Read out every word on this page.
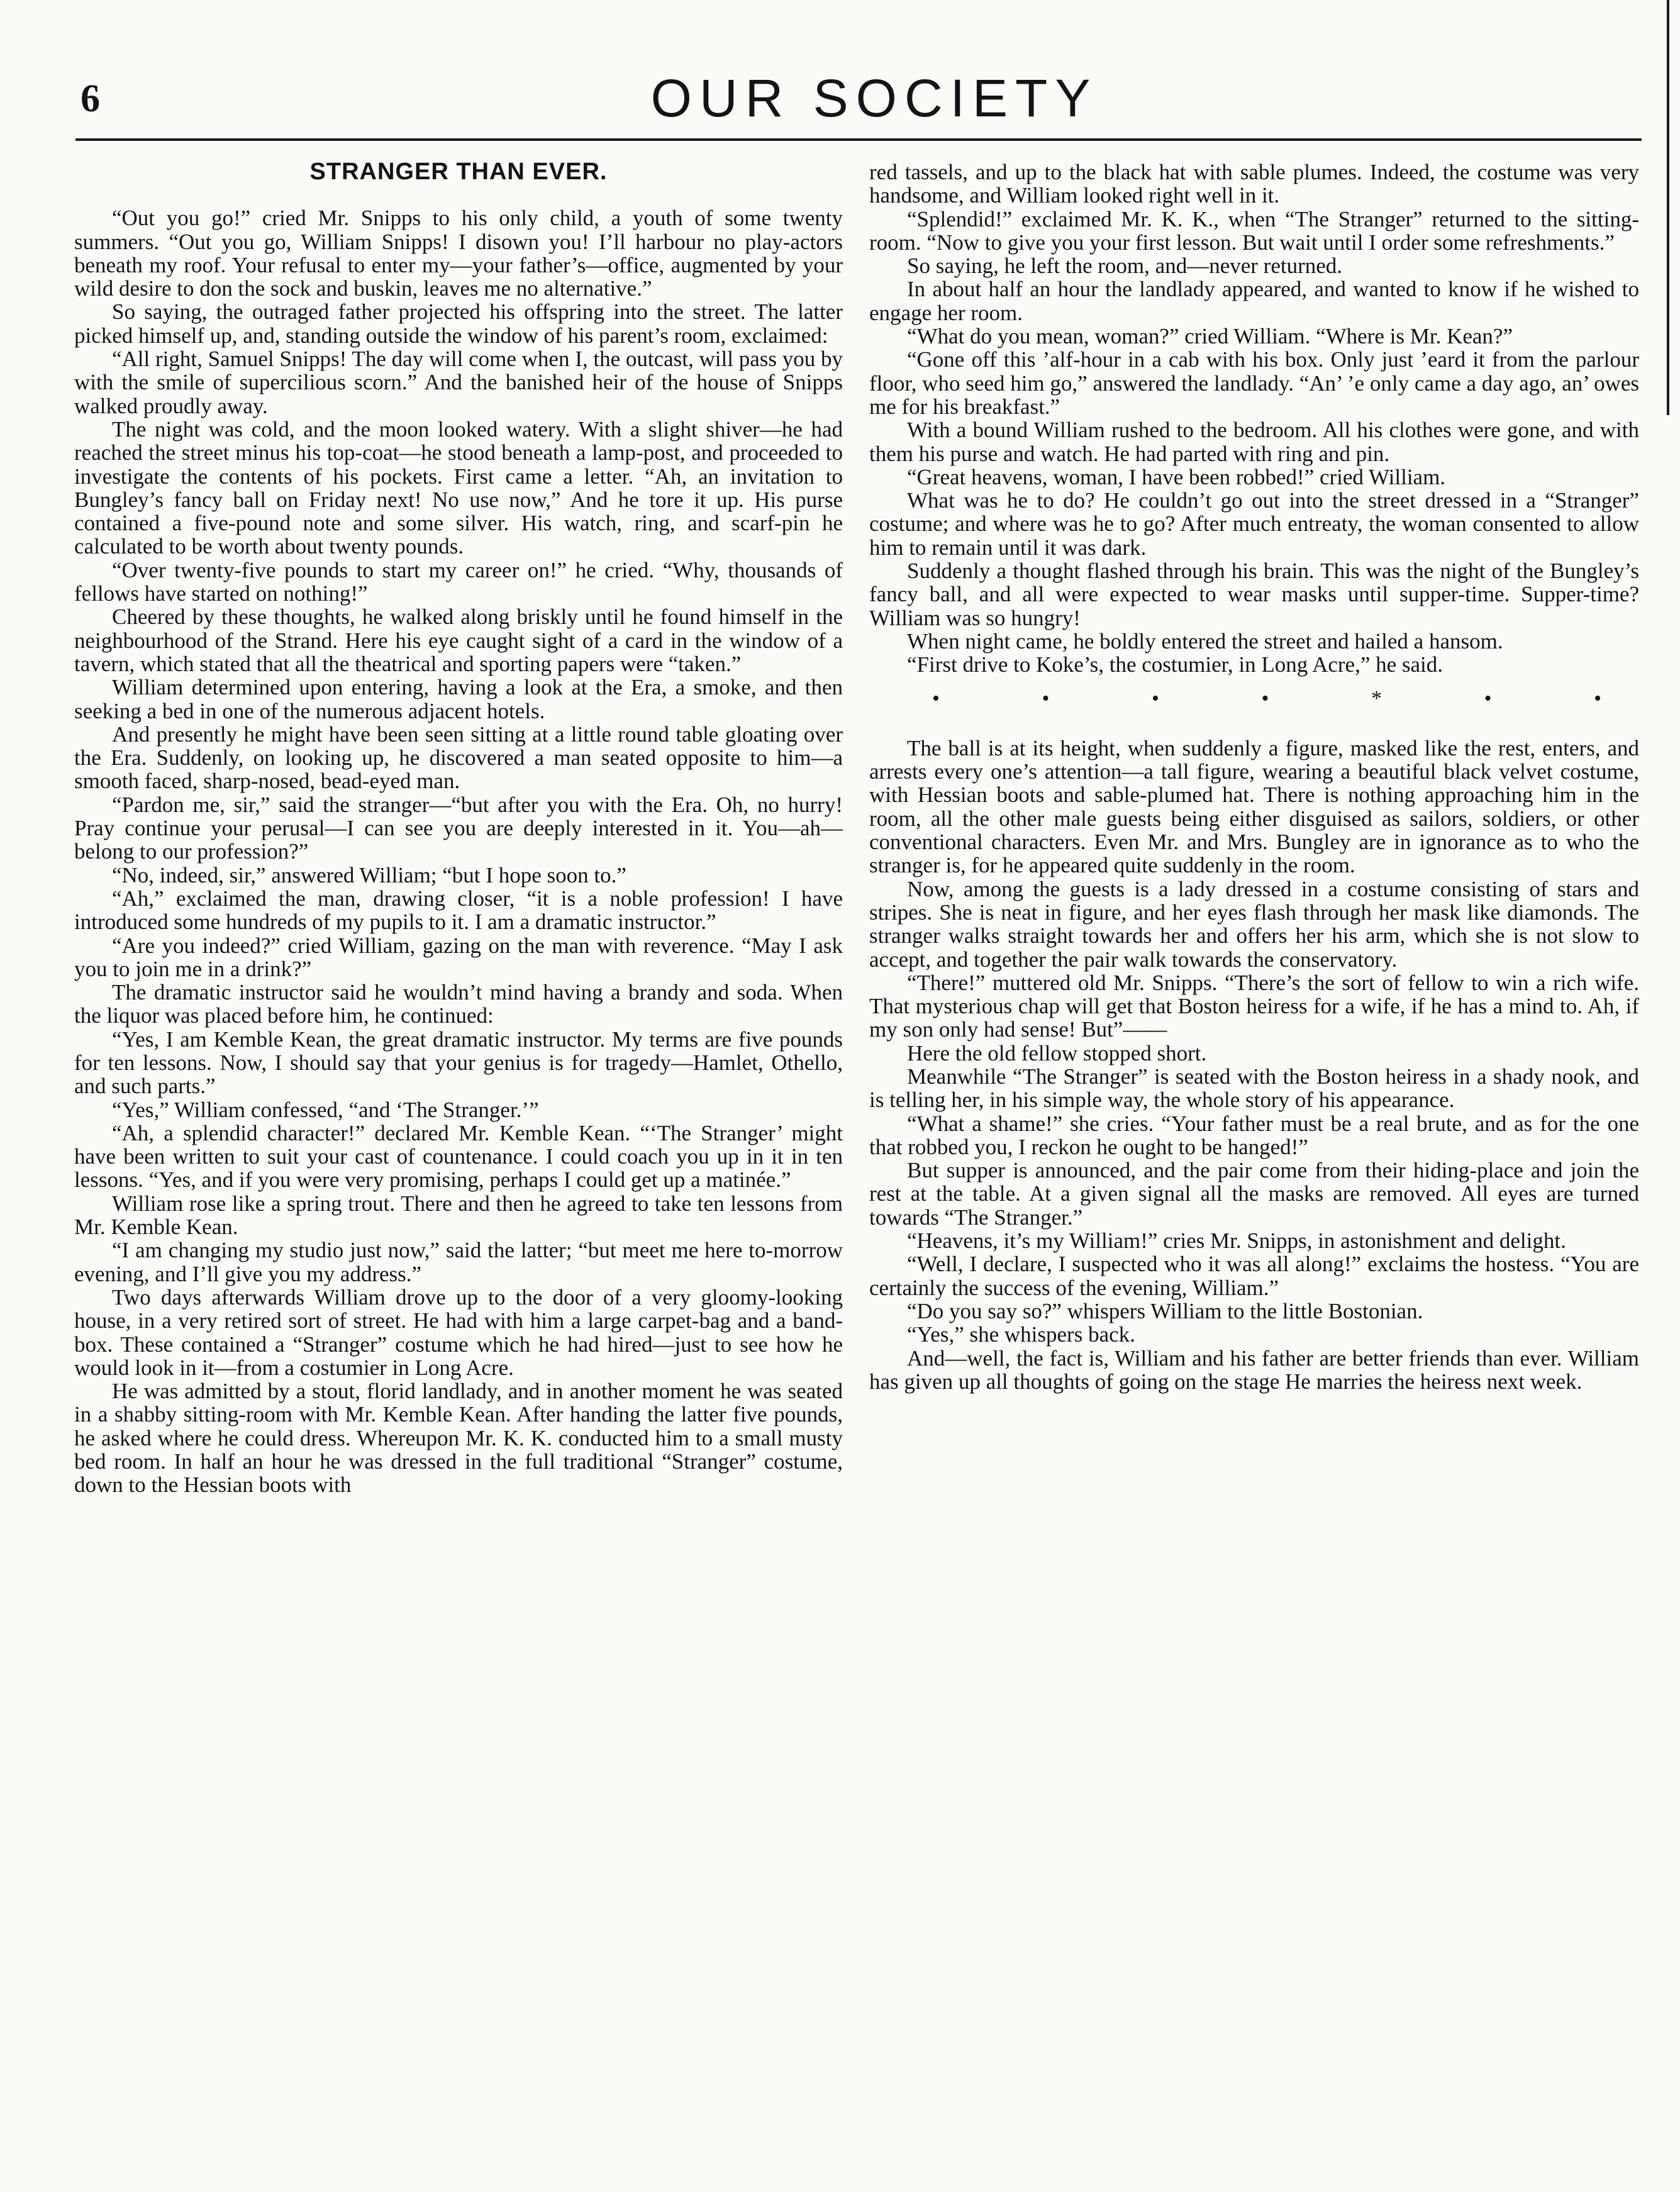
6	OUR SOCIETY
STRANGER THAN EVER.

“Out you go!” cried Mr. Snipps to his only child, a youth of some twenty summers. “Out you go, William Snipps! I disown you! I’ll harbour no play-actors beneath my roof. Your refusal to enter my—your father’s—office, augmented by your wild desire to don the sock and buskin, leaves me no alternative.”

So saying, the outraged father projected his offspring into the street. The latter picked himself up, and, standing outside the window of his parent’s room, exclaimed:

“All right, Samuel Snipps! The day will come when I, the outcast, will pass you by with the smile of supercilious scorn.” And the banished heir of the house of Snipps walked proudly away.

The night was cold, and the moon looked watery. With a slight shiver—he had reached the street minus his top-coat—he stood beneath a lamp-post, and proceeded to investigate the contents of his pockets. First came a letter. “Ah, an invitation to Bungley’s fancy ball on Friday next! No use now,” And he tore it up. His purse contained a five-pound note and some silver. His watch, ring, and scarf-pin he calculated to be worth about twenty pounds.

“Over twenty-five pounds to start my career on!” he cried. “Why, thousands of fellows have started on nothing!”

Cheered by these thoughts, he walked along briskly until he found himself in the neighbourhood of the Strand. Here his eye caught sight of a card in the window of a tavern, which stated that all the theatrical and sporting papers were “taken.”

William determined upon entering, having a look at the Era, a smoke, and then seeking a bed in one of the numerous adjacent hotels.

And presently he might have been seen sitting at a little round table gloating over the Era. Suddenly, on looking up, he discovered a man seated opposite to him—a smooth faced, sharp-nosed, bead-eyed man.

“Pardon me, sir,” said the stranger—“but after you with the Era. Oh, no hurry! Pray continue your perusal—I can see you are deeply interested in it. You—ah—belong to our profession?”

“No, indeed, sir,” answered William; “but I hope soon to.”

“Ah,” exclaimed the man, drawing closer, “it is a noble profession! I have introduced some hundreds of my pupils to it. I am a dramatic instructor.”

“Are you indeed?” cried William, gazing on the man with reverence. “May I ask you to join me in a drink?”

The dramatic instructor said he wouldn’t mind having a brandy and soda. When the liquor was placed before him, he continued:

“Yes, I am Kemble Kean, the great dramatic instructor. My terms are five pounds for ten lessons. Now, I should say that your genius is for tragedy—Hamlet, Othello, and such parts.”

“Yes,” William confessed, “and ‘The Stranger.’”

“Ah, a splendid character!” declared Mr. Kemble Kean. “‘The Stranger’ might have been written to suit your cast of countenance. I could coach you up in it in ten lessons. “Yes, and if you were very promising, perhaps I could get up a matinée.”

William rose like a spring trout. There and then he agreed to take ten lessons from Mr. Kemble Kean.

“I am changing my studio just now,” said the latter; “but meet me here to-morrow evening, and I’ll give you my address.”

Two days afterwards William drove up to the door of a very gloomy-looking house, in a very retired sort of street. He had with him a large carpet-bag and a band-box. These contained a “Stranger” costume which he had hired—just to see how he would look in it—from a costumier in Long Acre.

He was admitted by a stout, florid landlady, and in another moment he was seated in a shabby sitting-room with Mr. Kemble Kean. After handing the latter five pounds, he asked where he could dress. Whereupon Mr. K. K. conducted him to a small musty bed room. In half an hour he was dressed in the full traditional “Stranger” costume, down to the Hessian boots with

red tassels, and up to the black hat with sable plumes. Indeed, the costume was very handsome, and William looked right well in it.

“Splendid!” exclaimed Mr. K. K., when “The Stranger” returned to the sitting-room. “Now to give you your first lesson. But wait until I order some refreshments.”

So saying, he left the room, and—never returned.

In about half an hour the landlady appeared, and wanted to know if he wished to engage her room.

“What do you mean, woman?” cried William. “Where is Mr. Kean?”

“Gone off this ’alf-hour in a cab with his box. Only just ’eard it from the parlour floor, who seed him go,” answered the landlady. “An’ ’e only came a day ago, an’ owes me for his breakfast.”

With a bound William rushed to the bedroom. All his clothes were gone, and with them his purse and watch. He had parted with ring and pin.

“Great heavens, woman, I have been robbed!” cried William.

What was he to do? He couldn’t go out into the street dressed in a “Stranger” costume; and where was he to go? After much entreaty, the woman consented to allow him to remain until it was dark.

Suddenly a thought flashed through his brain. This was the night of the Bungley’s fancy ball, and all were expected to wear masks until supper-time. Supper-time? William was so hungry!

When night came, he boldly entered the street and hailed a hansom.

“First drive to Koke’s, the costumier, in Long Acre,” he said.

•	•	•	•	*	•	•

The ball is at its height, when suddenly a figure, masked like the rest, enters, and arrests every one’s attention—a tall figure, wearing a beautiful black velvet costume, with Hessian boots and sable-plumed hat. There is nothing approaching him in the room, all the other male guests being either disguised as sailors, soldiers, or other conventional characters. Even Mr. and Mrs. Bungley are in ignorance as to who the stranger is, for he appeared quite suddenly in the room.

Now, among the guests is a lady dressed in a costume consisting of stars and stripes. She is neat in figure, and her eyes flash through her mask like diamonds. The stranger walks straight towards her and offers her his arm, which she is not slow to accept, and together the pair walk towards the conservatory.

“There!” muttered old Mr. Snipps. “There’s the sort of fellow to win a rich wife. That mysterious chap will get that Boston heiress for a wife, if he has a mind to. Ah, if my son only had sense! But”——

Here the old fellow stopped short.

Meanwhile “The Stranger” is seated with the Boston heiress in a shady nook, and is telling her, in his simple way, the whole story of his appearance.

“What a shame!” she cries. “Your father must be a real brute, and as for the one that robbed you, I reckon he ought to be hanged!”

But supper is announced, and the pair come from their hiding-place and join the rest at the table. At a given signal all the masks are removed. All eyes are turned towards “The Stranger.”

“Heavens, it’s my William!” cries Mr. Snipps, in astonishment and delight.

“Well, I declare, I suspected who it was all along!” exclaims the hostess. “You are certainly the success of the evening, William.”

“Do you say so?” whispers William to the little Bostonian.

“Yes,” she whispers back.

And—well, the fact is, William and his father are better friends than ever. William has given up all thoughts of going on the stage He marries the heiress next week.
